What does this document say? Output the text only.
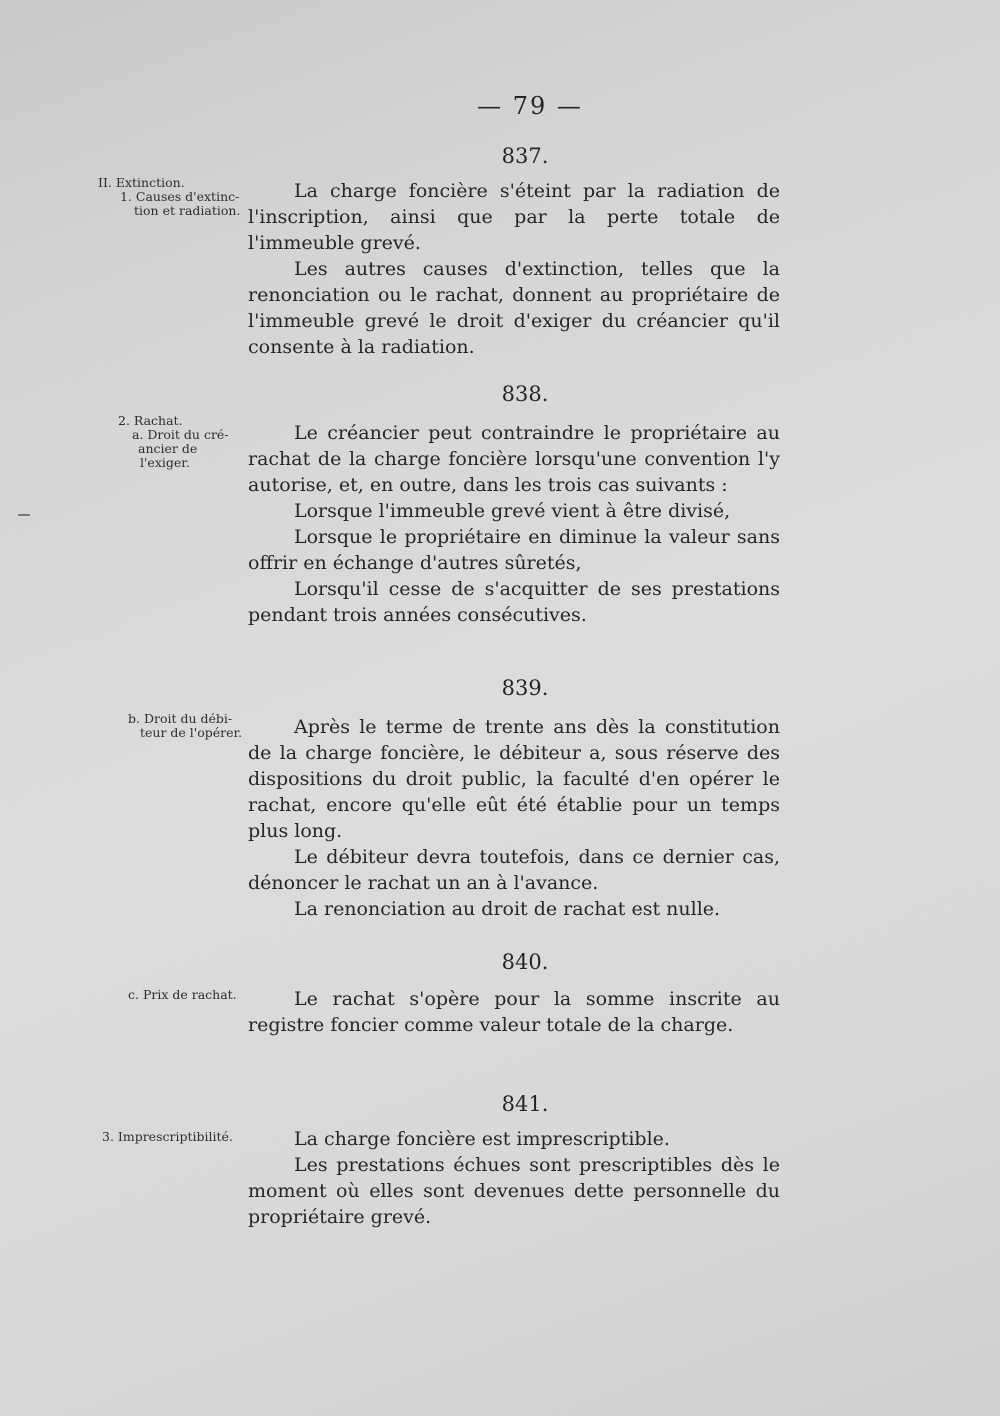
— 79 —
837.
II. Extinction.
1. Causes d'extinc-
tion et radiation.

La charge foncière s'éteint par la radiation de l'inscription, ainsi que par la perte totale de l'immeuble grevé.

Les autres causes d'extinction, telles que la renonciation ou le rachat, donnent au propriétaire de l'immeuble grevé le droit d'exiger du créancier qu'il consente à la radiation.

838.
2. Rachat.
a. Droit du cré-
ancier de
l'exiger.

Le créancier peut contraindre le propriétaire au rachat de la charge foncière lorsqu'une convention l'y autorise, et, en outre, dans les trois cas suivants :

Lorsque l'immeuble grevé vient à être divisé,

Lorsque le propriétaire en diminue la valeur sans offrir en échange d'autres sûretés,

Lorsqu'il cesse de s'acquitter de ses prestations pendant trois années consécutives.

839.
b. Droit du débi-
teur de l'opérer.	Après le terme de trente ans dès la constitution de la charge foncière, le débiteur a, sous réserve des dispositions du droit public, la faculté d'en opérer le rachat, encore qu'elle eût été établie pour un temps plus long.

Le débiteur devra toutefois, dans ce dernier cas, dénoncer le rachat un an à l'avance.

La renonciation au droit de rachat est nulle.

840.
c. Prix de rachat.	Le rachat s'opère pour la somme inscrite au registre foncier comme valeur totale de la charge.

841.
3. Imprescriptibilité.	La charge foncière est imprescriptible.

Les prestations échues sont prescriptibles dès le moment où elles sont devenues dette personnelle du propriétaire grevé.
